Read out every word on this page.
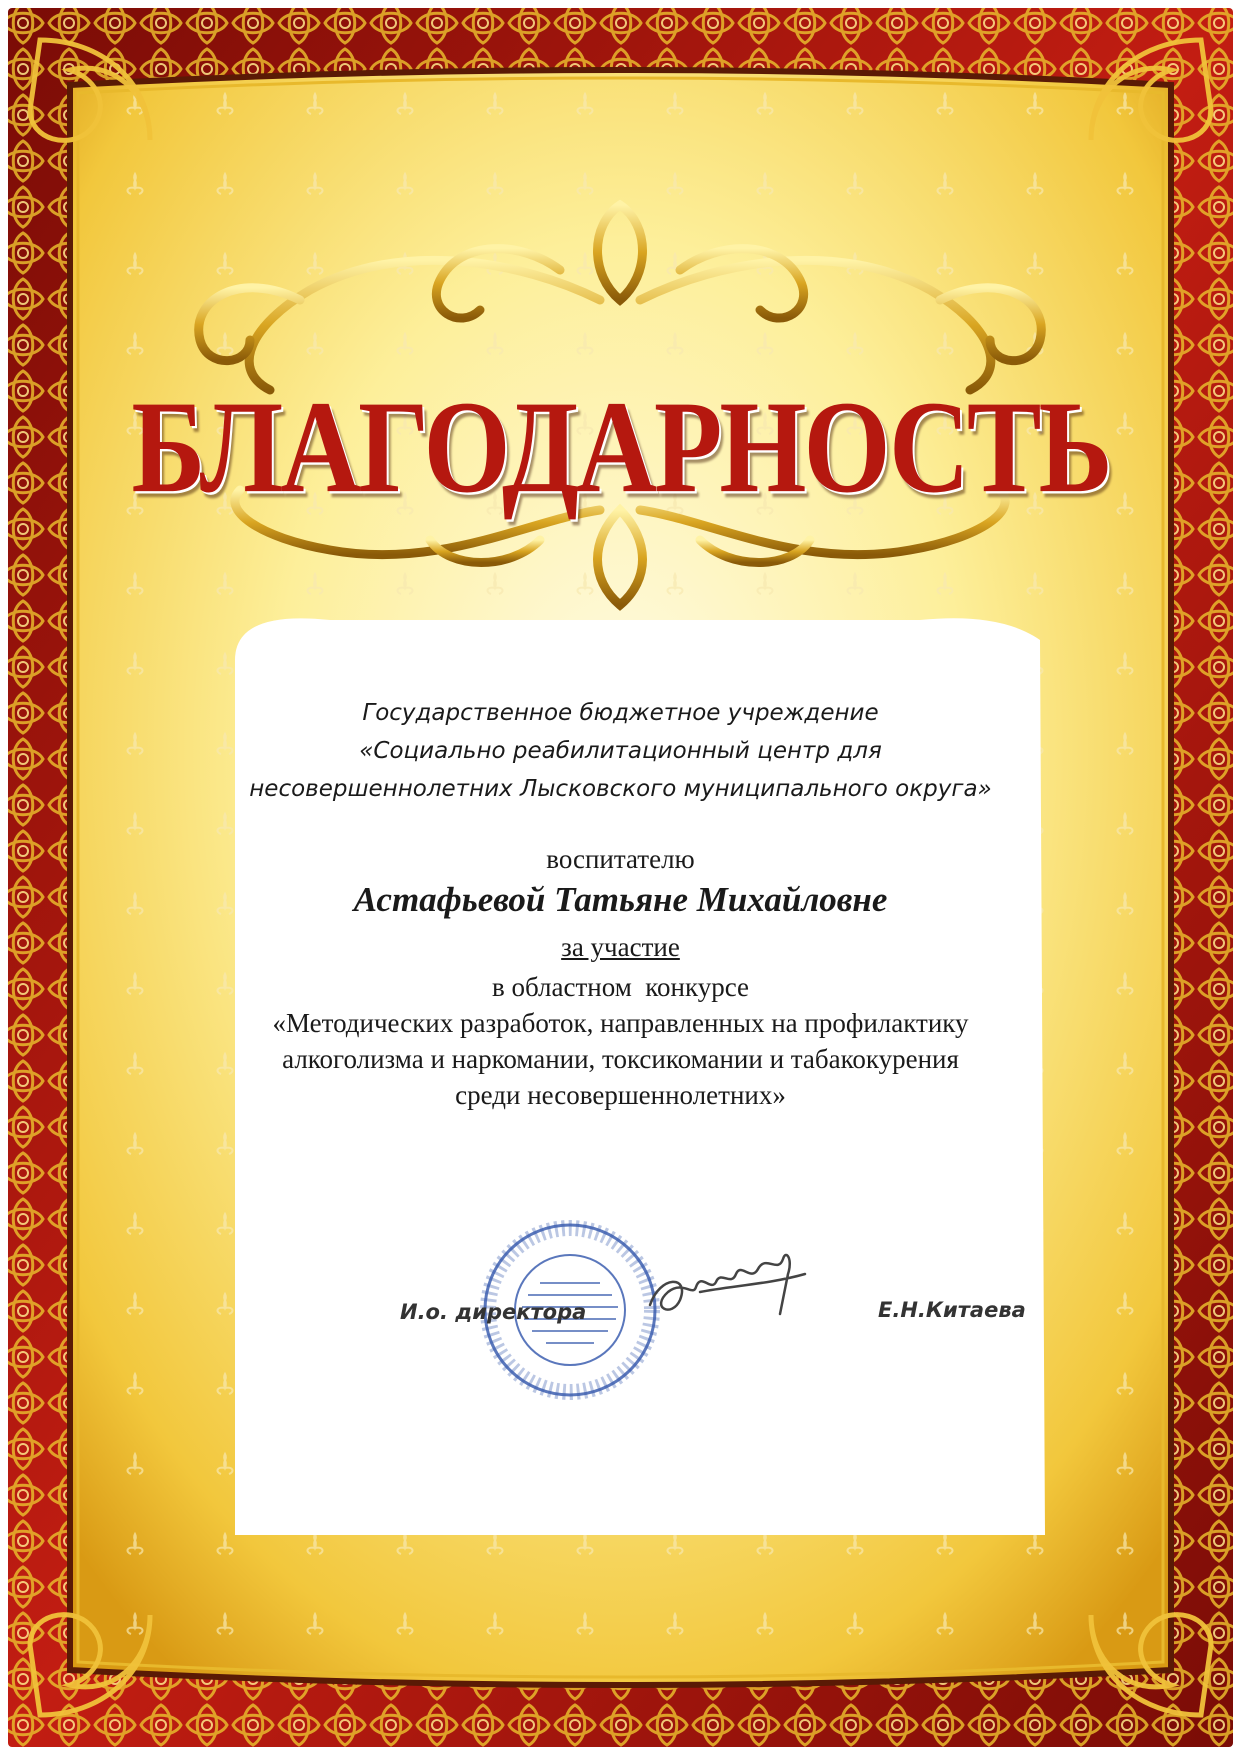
БЛАГОДАРНОСТЬ
Государственное бюджетное учреждение
«Социально реабилитационный центр для
несовершеннолетних Лысковского муниципального округа»
воспитателю
Астафьевой Татьяне Михайловне
за участие
в областном  конкурсе
«Методических разработок, направленных на профилактику
алкоголизма и наркомании, токсикомании и табакокурения
среди несовершеннолетних»
И.о. директора	Е.Н.Китаева
